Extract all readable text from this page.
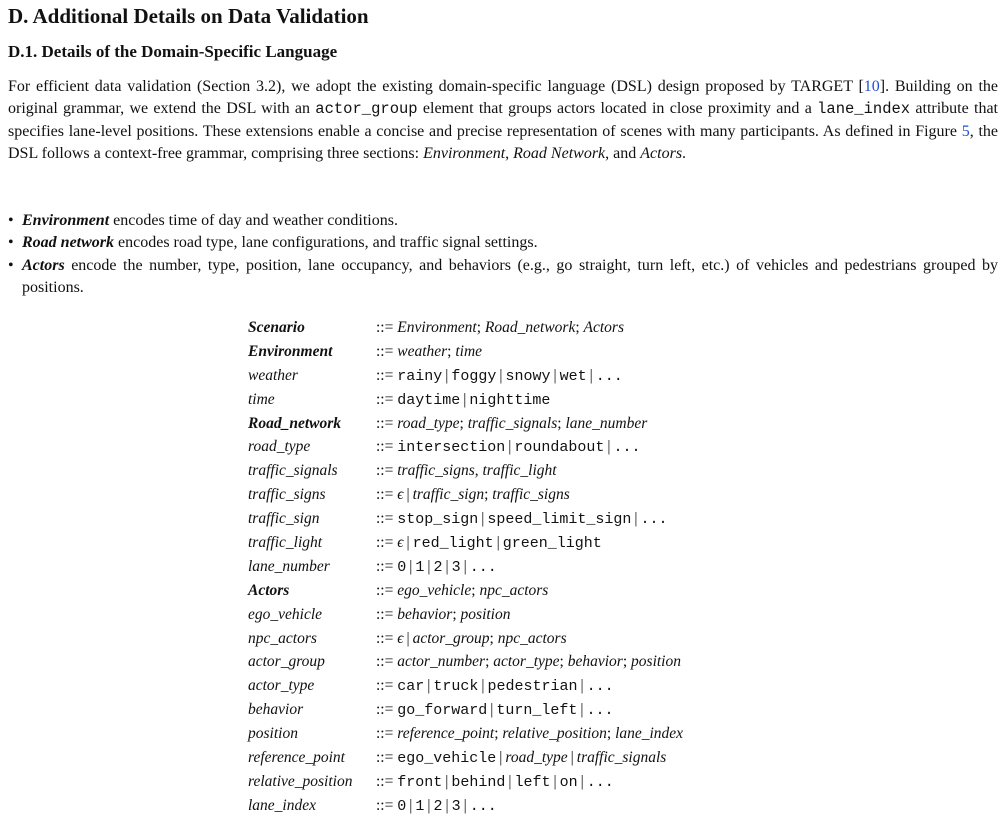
D. Additional Details on Data Validation
D.1. Details of the Domain-Specific Language
For efficient data validation (Section 3.2), we adopt the existing domain-specific language (DSL) design proposed by TARGET [10]. Building on the original grammar, we extend the DSL with an actor_group element that groups actors located in close proximity and a lane_index attribute that specifies lane-level positions. These extensions enable a concise and precise representation of scenes with many participants. As defined in Figure 5, the DSL follows a context-free grammar, comprising three sections: Environment, Road Network, and Actors.
• Environment encodes time of day and weather conditions.
• Road network encodes road type, lane configurations, and traffic signal settings.
• Actors encode the number, type, position, lane occupancy, and behaviors (e.g., go straight, turn left, etc.) of vehicles and pedestrians grouped by positions.
Scenario	::= Environment; Road_network; Actors
Environment	::= weather; time
weather	::= rainy | foggy | snowy | wet | ...
time	::= daytime | nighttime
Road_network	::= road_type; traffic_signals; lane_number
road_type	::= intersection | roundabout | ...
traffic_signals	::= traffic_signs, traffic_light
traffic_signs	::= ϵ | traffic_sign; traffic_signs
traffic_sign	::= stop_sign | speed_limit_sign | ...
traffic_light	::= ϵ | red_light | green_light
lane_number	::= 0 | 1 | 2 | 3 | ...
Actors	::= ego_vehicle; npc_actors
ego_vehicle	::= behavior; position
npc_actors	::= ϵ | actor_group; npc_actors
actor_group	::= actor_number; actor_type; behavior; position
actor_type	::= car | truck | pedestrian | ...
behavior	::= go_forward | turn_left | ...
position	::= reference_point; relative_position; lane_index
reference_point	::= ego_vehicle | road_type | traffic_signals
relative_position	::= front | behind | left | on | ...
lane_index	::= 0 | 1 | 2 | 3 | ...
